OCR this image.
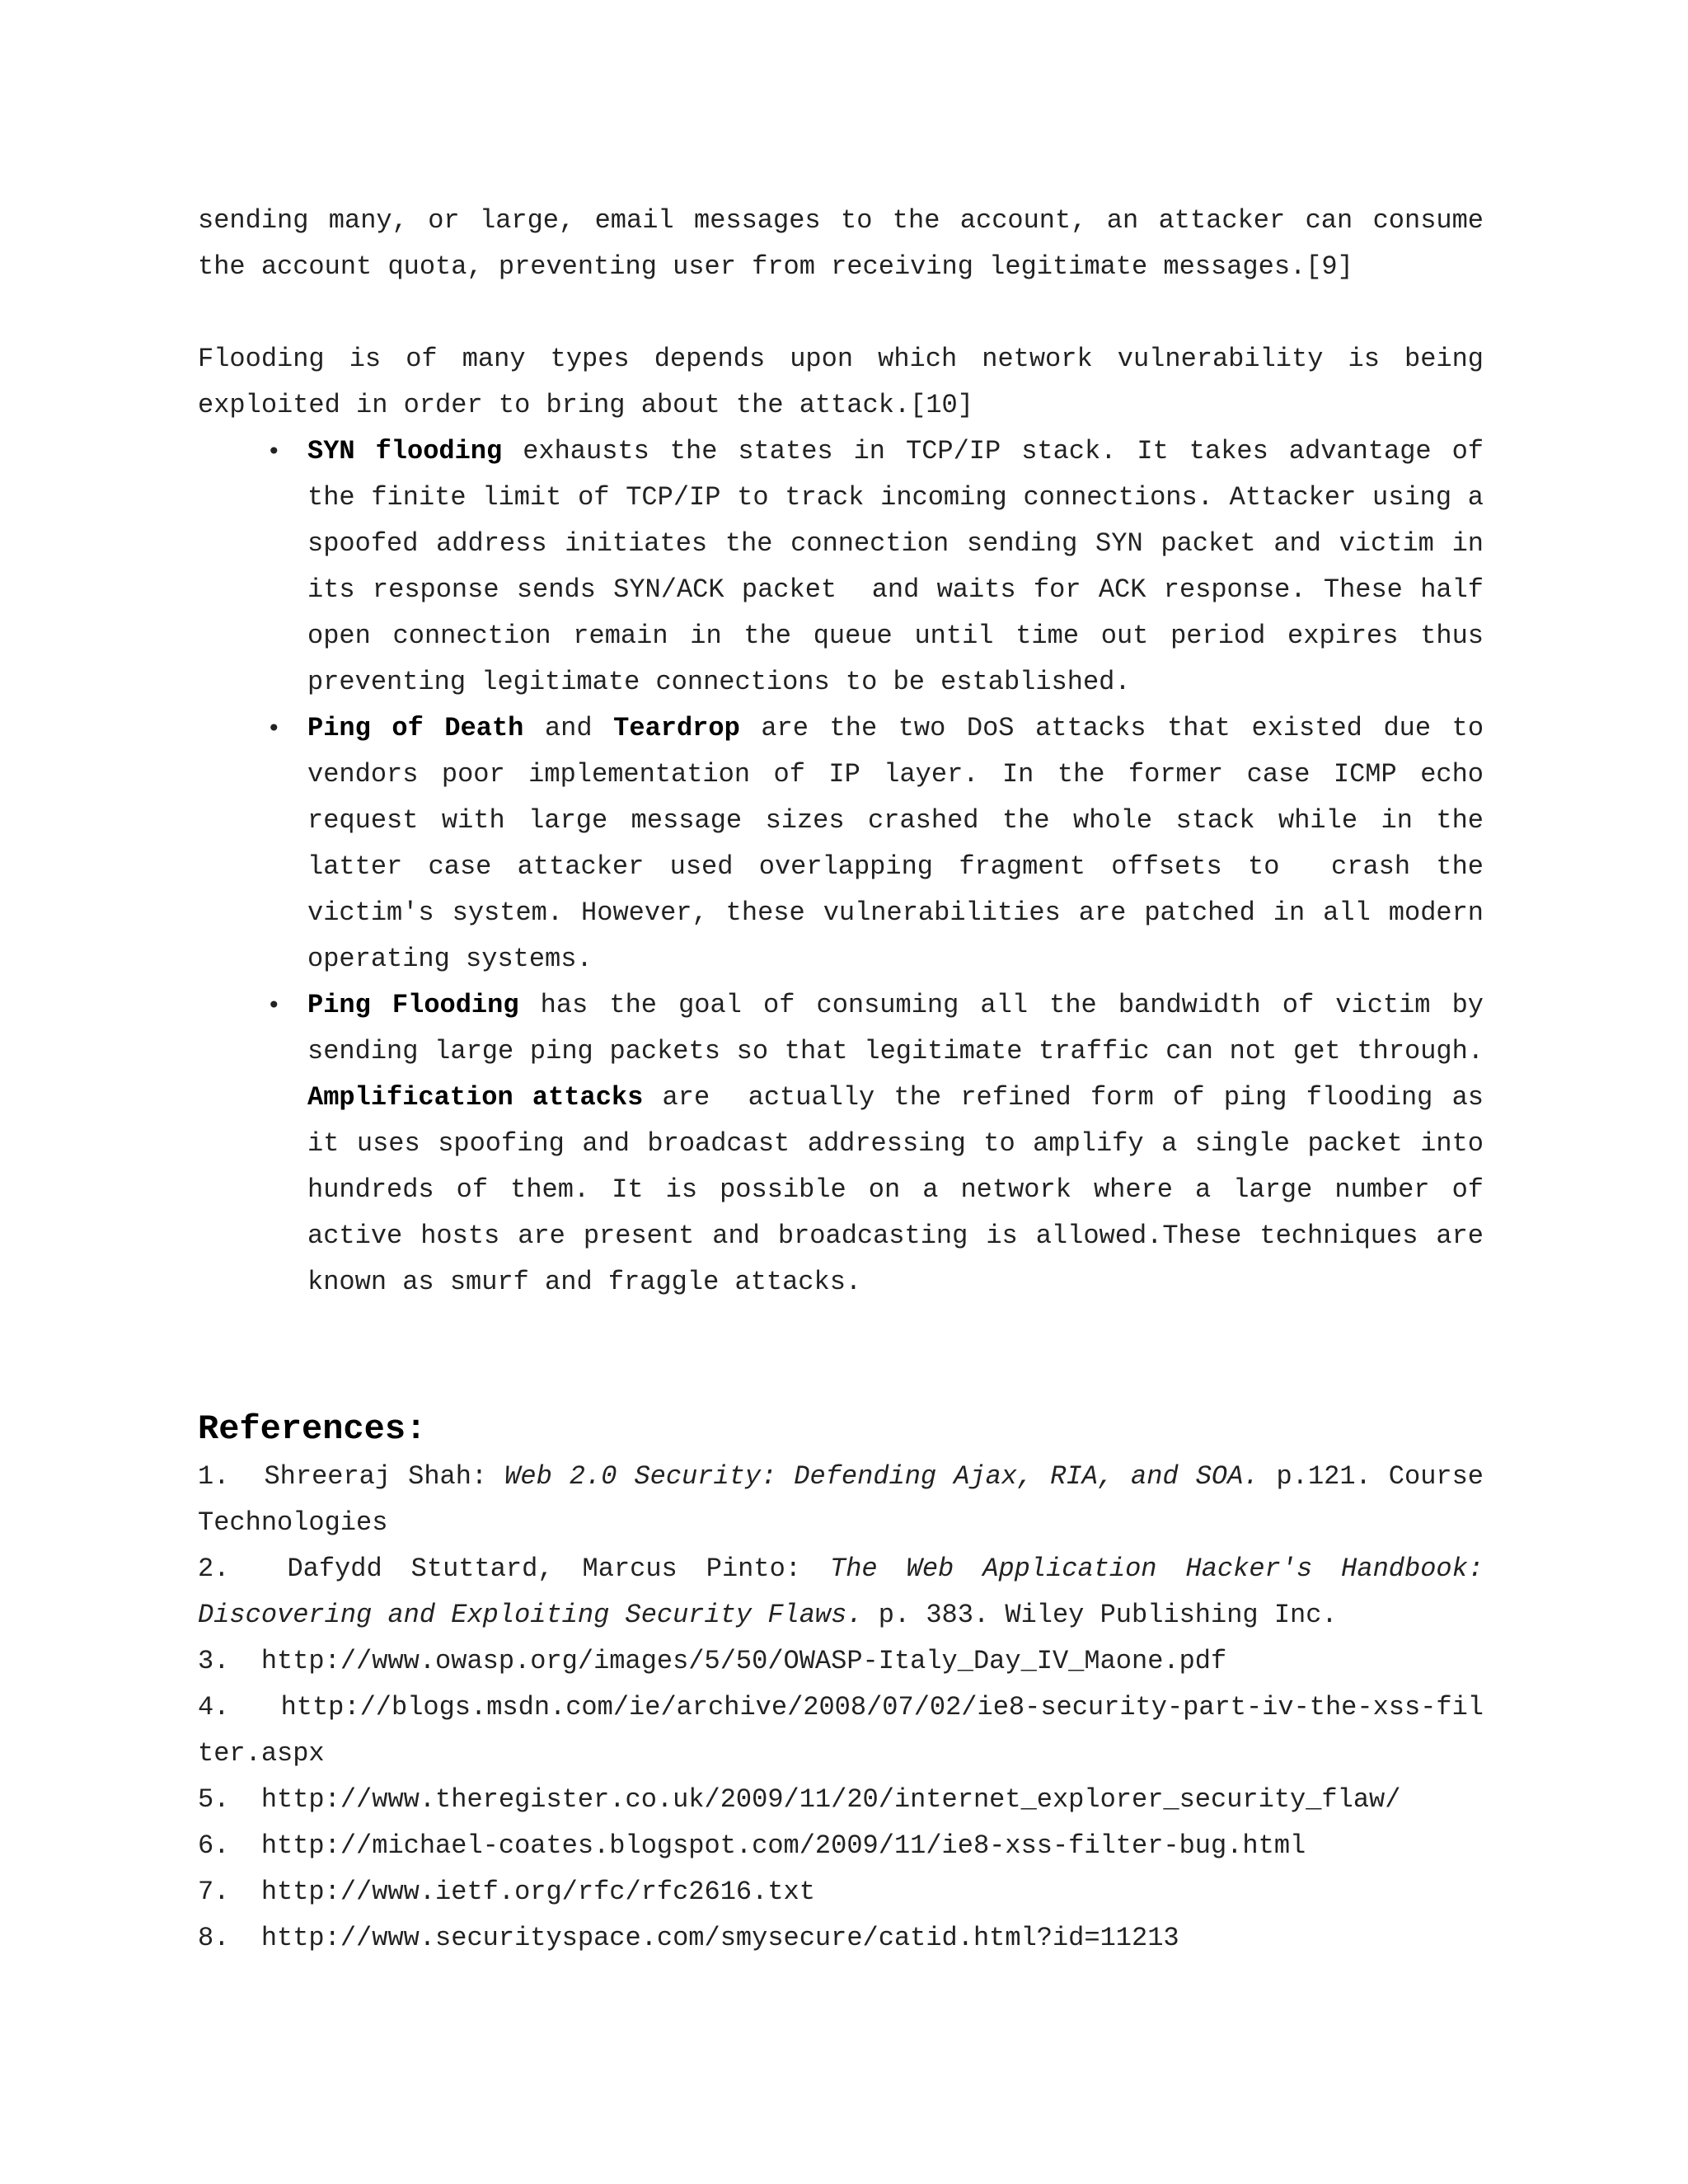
sending many, or large, email messages to the account, an attacker can consume the account quota, preventing user from receiving legitimate messages.[9]

Flooding is of many types depends upon which network vulnerability is being exploited in order to bring about the attack.[10]

• SYN flooding exhausts the states in TCP/IP stack. It takes advantage of the finite limit of TCP/IP to track incoming connections. Attacker using a spoofed address initiates the connection sending SYN packet and victim in its response sends SYN/ACK packet  and waits for ACK response. These half open connection remain in the queue until time out period expires thus preventing legitimate connections to be established.

• Ping of Death and Teardrop are the two DoS attacks that existed due to vendors poor implementation of IP layer. In the former case ICMP echo request with large message sizes crashed the whole stack while in the latter case attacker used overlapping fragment offsets to  crash the victim's system. However, these vulnerabilities are patched in all modern operating systems.

• Ping Flooding has the goal of consuming all the bandwidth of victim by sending large ping packets so that legitimate traffic can not get through. Amplification attacks are  actually the refined form of ping flooding as it uses spoofing and broadcast addressing to amplify a single packet into hundreds of them. It is possible on a network where a large number of active hosts are present and broadcasting is allowed.These techniques are known as smurf and fraggle attacks.

References:

1.  Shreeraj Shah: Web 2.0 Security: Defending Ajax, RIA, and SOA. p.121. Course Technologies

2.  Dafydd Stuttard, Marcus Pinto: The Web Application Hacker's Handbook: Discovering and Exploiting Security Flaws. p. 383. Wiley Publishing Inc.

3.  http://www.owasp.org/images/5/50/OWASP-Italy_Day_IV_Maone.pdf

4.   http://blogs.msdn.com/ie/archive/2008/07/02/ie8-security-part-iv-the-xss-filter.aspx

5.  http://www.theregister.co.uk/2009/11/20/internet_explorer_security_flaw/

6.  http://michael-coates.blogspot.com/2009/11/ie8-xss-filter-bug.html

7.  http://www.ietf.org/rfc/rfc2616.txt

8.  http://www.securityspace.com/smysecure/catid.html?id=11213
